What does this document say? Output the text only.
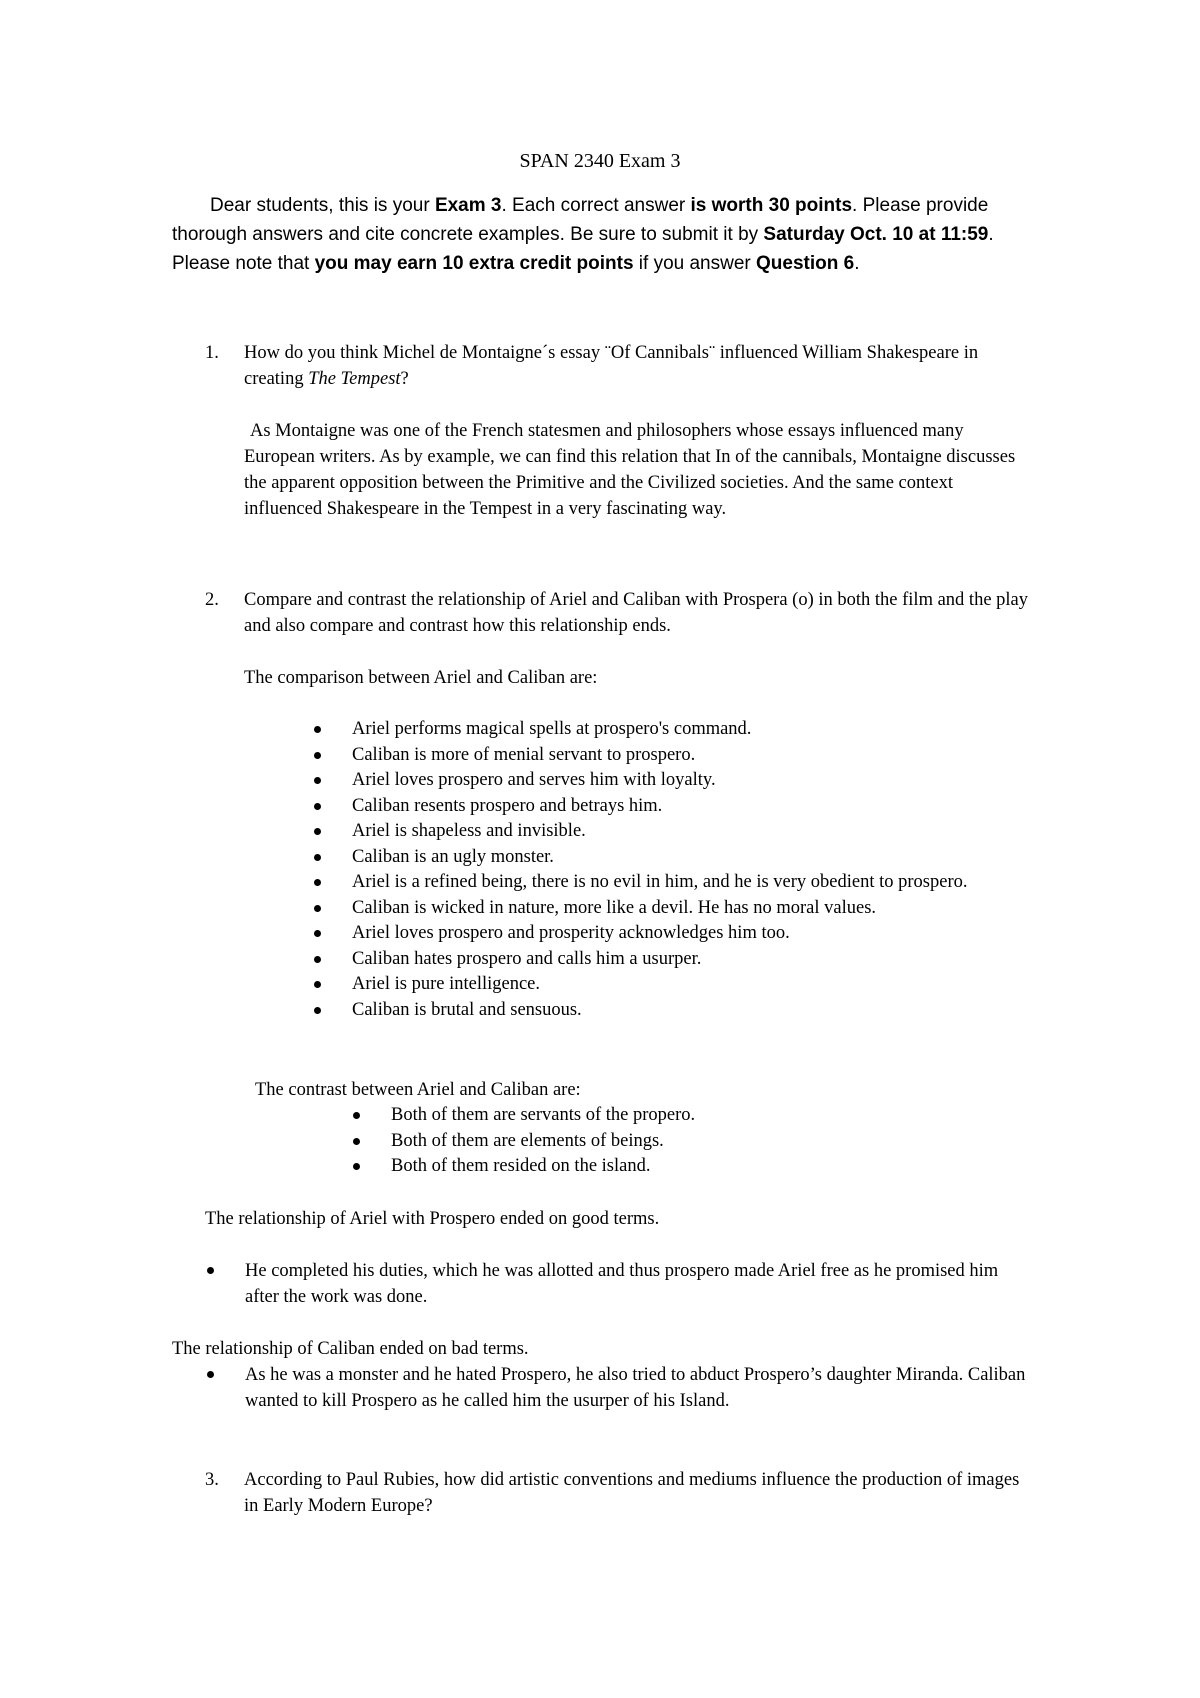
SPAN 2340 Exam 3

Dear students, this is your Exam 3. Each correct answer is worth 30 points. Please provide thorough answers and cite concrete examples. Be sure to submit it by Saturday Oct. 10 at 11:59. Please note that you may earn 10 extra credit points if you answer Question 6.

1.	How do you think Michel de Montaigne´s essay ¨Of Cannibals¨ influenced William Shakespeare in creating The Tempest?
As Montaigne was one of the French statesmen and philosophers whose essays influenced many European writers. As by example, we can find this relation that In of the cannibals, Montaigne discusses the apparent opposition between the Primitive and the Civilized societies. And the same context influenced Shakespeare in the Tempest in a very fascinating way.
2.	Compare and contrast the relationship of Ariel and Caliban with Prospera (o) in both the film and the play and also compare and contrast how this relationship ends.
The comparison between Ariel and Caliban are:
Ariel performs magical spells at prospero's command.
Caliban is more of menial servant to prospero.
Ariel loves prospero and serves him with loyalty.
Caliban resents prospero and betrays him.
Ariel is shapeless and invisible.
Caliban is an ugly monster.
Ariel is a refined being, there is no evil in him, and he is very obedient to prospero.
Caliban is wicked in nature, more like a devil. He has no moral values.
Ariel loves prospero and prosperity acknowledges him too.
Caliban hates prospero and calls him a usurper.
Ariel is pure intelligence.
Caliban is brutal and sensuous.
The contrast between Ariel and Caliban are:
Both of them are servants of the propero.
Both of them are elements of beings.
Both of them resided on the island.
The relationship of Ariel with Prospero ended on good terms.
He completed his duties, which he was allotted and thus prospero made Ariel free as he promised him after the work was done.
The relationship of Caliban ended on bad terms.
As he was a monster and he hated Prospero, he also tried to abduct Prospero’s daughter Miranda. Caliban wanted to kill Prospero as he called him the usurper of his Island.
3.	According to Paul Rubies, how did artistic conventions and mediums influence the production of images in Early Modern Europe?
